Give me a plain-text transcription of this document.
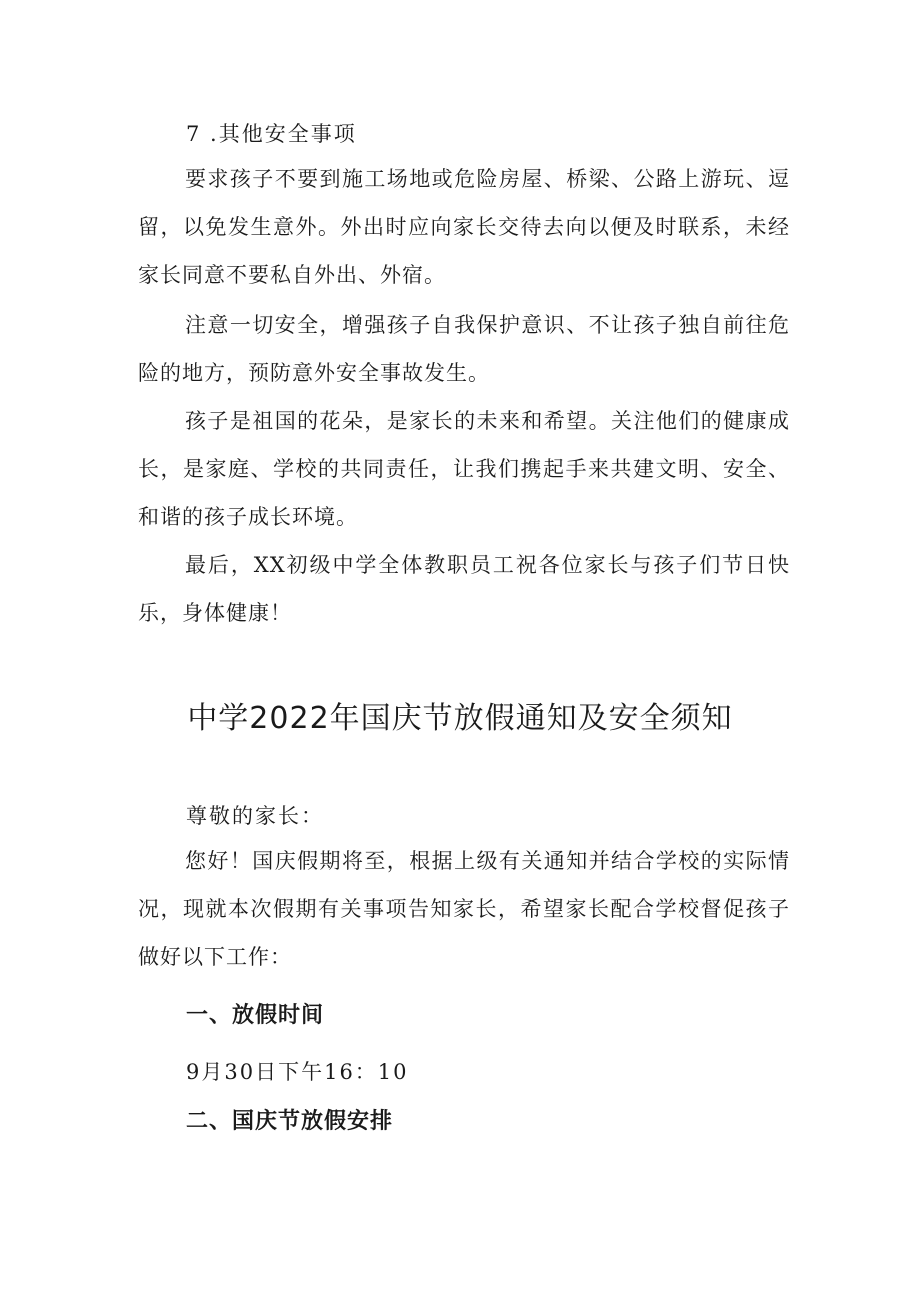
7 .其他安全事项

要求孩子不要到施工场地或危险房屋、桥梁、公路上游玩、逗留，以免发生意外。外出时应向家长交待去向以便及时联系，未经家长同意不要私自外出、外宿。

注意一切安全，增强孩子自我保护意识、不让孩子独自前往危险的地方，预防意外安全事故发生。

孩子是祖国的花朵，是家长的未来和希望。关注他们的健康成长，是家庭、学校的共同责任，让我们携起手来共建文明、安全、和谐的孩子成长环境。

最后，XX初级中学全体教职员工祝各位家长与孩子们节日快乐，身体健康！

中学2022年国庆节放假通知及安全须知

尊敬的家长：

您好！国庆假期将至，根据上级有关通知并结合学校的实际情况，现就本次假期有关事项告知家长，希望家长配合学校督促孩子做好以下工作：

一、放假时间

9月30日下午16：10

二、国庆节放假安排
